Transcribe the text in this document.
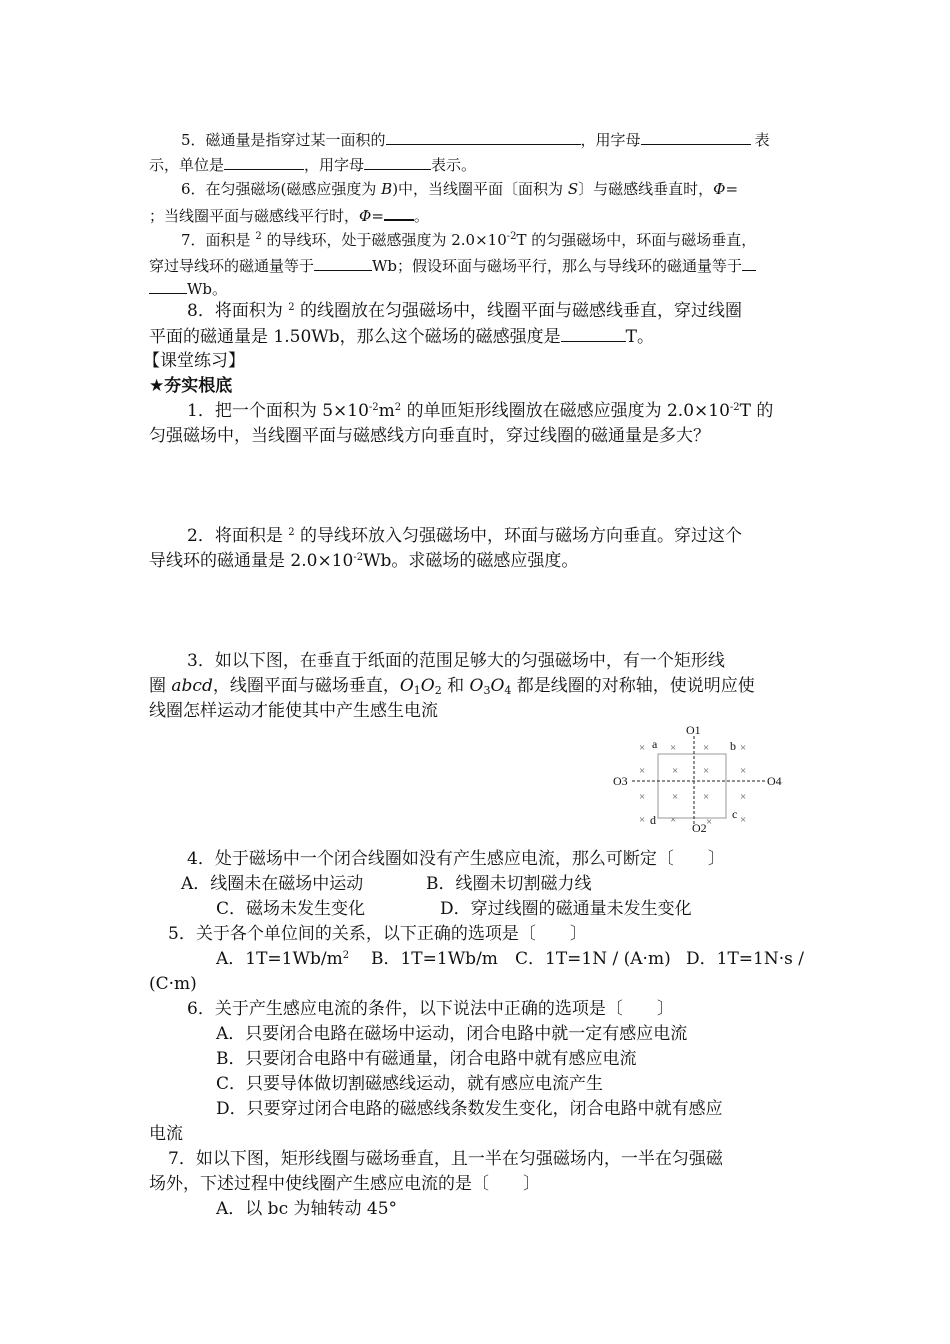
5．磁通量是指穿过某一面积的	，用字母	表
示，单位是	，用字母	表示。
6．在匀强磁场(磁感应强度为 B)中，当线圈平面〔面积为 S〕与磁感线垂直时，Φ=
；当线圈平面与磁感线平行时，Φ= 。
7．面积是 $^2$ 的导线环，处于磁感强度为 $2.0\times 10^{-2}T$ 的匀强磁场中，环面与磁场垂直，
穿过导线环的磁通量等于	Wb；假设环面与磁场平行，那么与导线环的磁通量等于
Wb。
8．将面积为 $^2$ 的线圈放在匀强磁场中，线圈平面与磁感线垂直，穿过线圈
平面的磁通量是 1.50Wb，那么这个磁场的磁感强度是	T。
【课堂练习】
★夯实根底
1．把一个面积为 $5\times 10^{-2}m^2$ 的单匝矩形线圈放在磁感应强度为 $2.0\times 10^{-2}T$ 的
匀强磁场中，当线圈平面与磁感线方向垂直时，穿过线圈的磁通量是多大？
2．将面积是 $^2$ 的导线环放入匀强磁场中，环面与磁场方向垂直。穿过这个
导线环的磁通量是 $2.0\times 10^{-2}Wb$。求磁场的磁感应强度。
3．如以下图，在垂直于纸面的范围足够大的匀强磁场中，有一个矩形线
圈 abcd，线圈平面与磁场垂直，$O_1O_2$ 和 $O_3O_4$ 都是线圈的对称轴，使说明应使
线圈怎样运动才能使其中产生感生电流
× × ×	×
× × ×	×
× × ×	×
× ×	×	×
O1
O2
O3	O4
a	b
c
d
4．处于磁场中一个闭合线圈如没有产生感应电流，那么可断定〔　　〕
A．线圈未在磁场中运动	B．线圈未切割磁力线
C．磁场未发生变化	D．穿过线圈的磁通量未发生变化
5．关于各个单位间的关系，以下正确的选项是〔　　〕
A．$1T=1Wb/m^2$ B．1T=1Wb/m C．1T=1N / (A·m) D．1T=1N·s /
(C·m)
6．关于产生感应电流的条件，以下说法中正确的选项是〔　　〕
A．只要闭合电路在磁场中运动，闭合电路中就一定有感应电流
B．只要闭合电路中有磁通量，闭合电路中就有感应电流
C．只要导体做切割磁感线运动，就有感应电流产生
D．只要穿过闭合电路的磁感线条数发生变化，闭合电路中就有感应
电流
7．如以下图，矩形线圈与磁场垂直，且一半在匀强磁场内，一半在匀强磁
场外，下述过程中使线圈产生感应电流的是〔　　〕
A．以 bc 为轴转动 45°
